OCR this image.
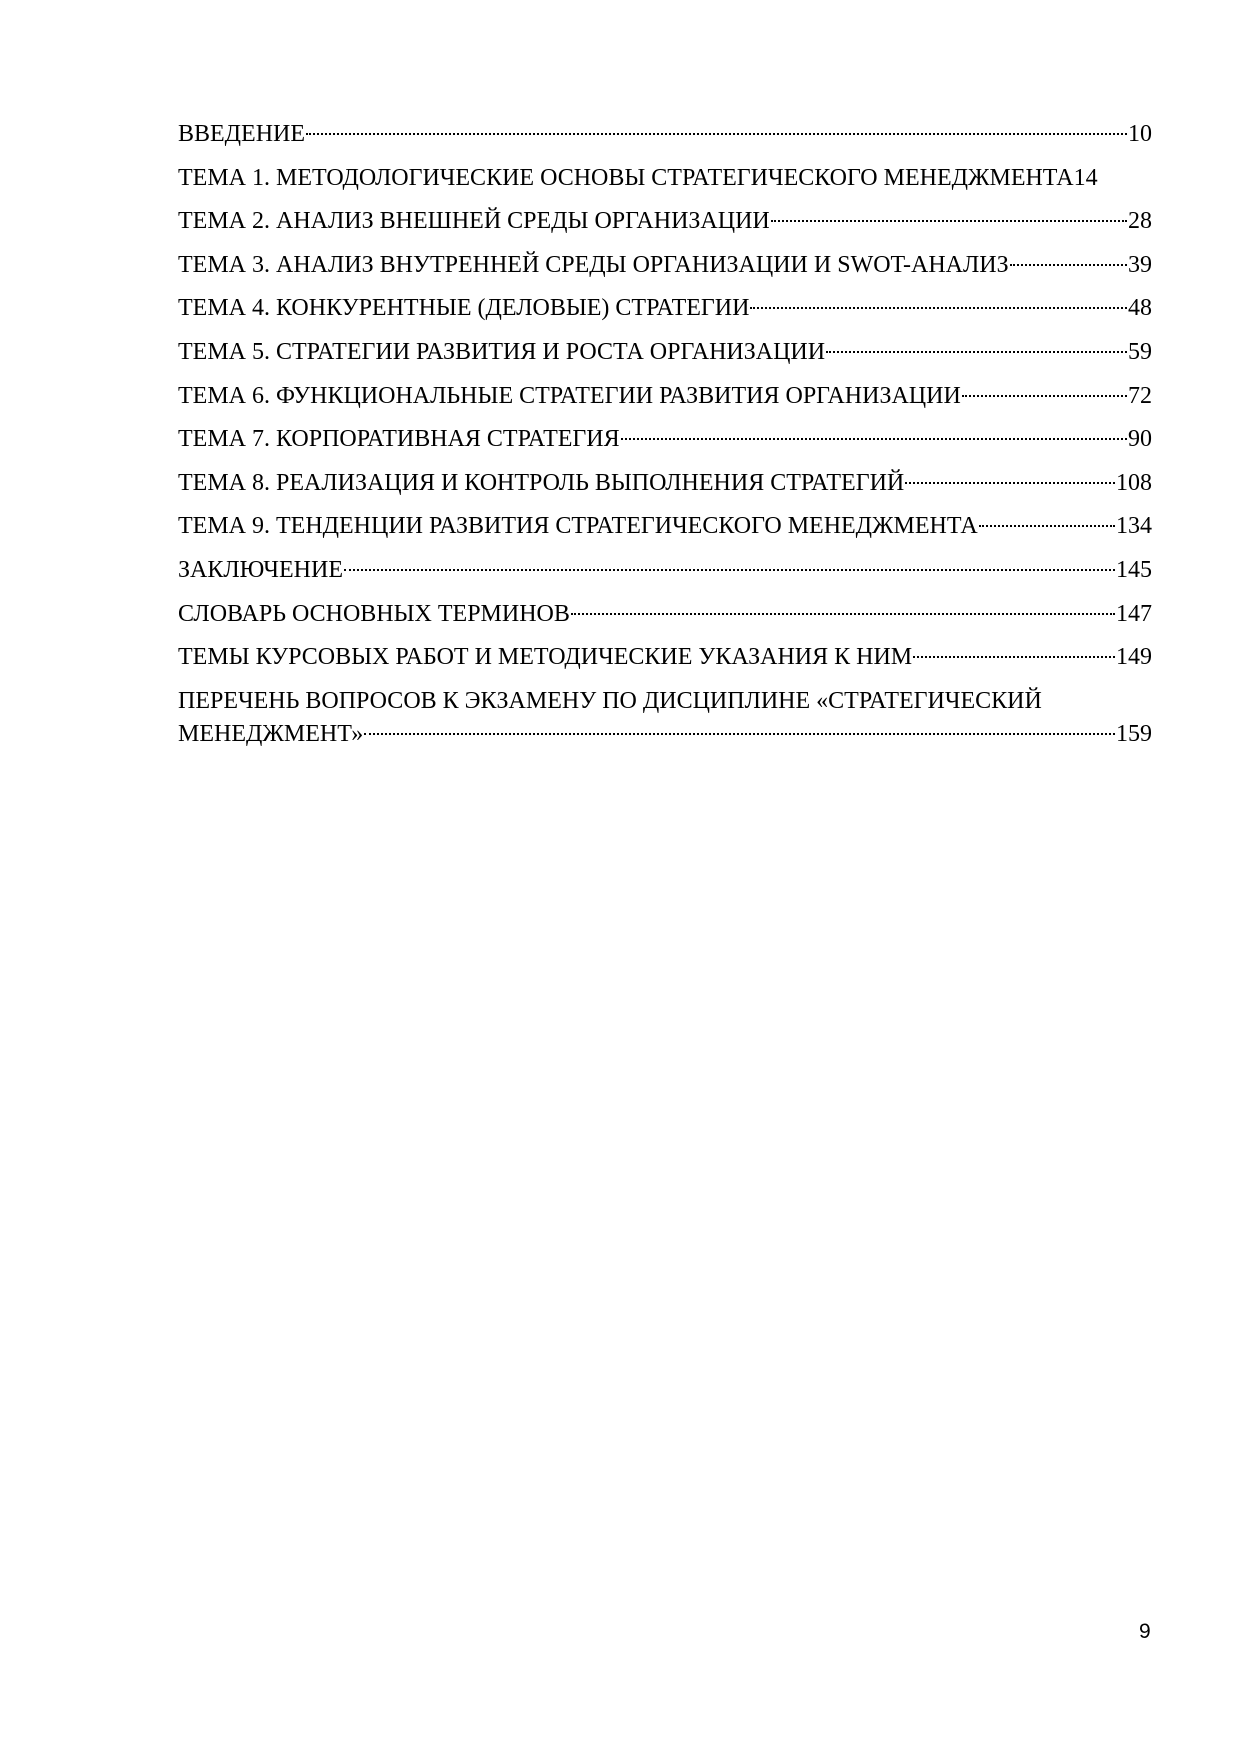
ВВЕДЕНИЕ	10
ТЕМА 1. МЕТОДОЛОГИЧЕСКИЕ ОСНОВЫ СТРАТЕГИЧЕСКОГО МЕНЕДЖМЕНТА 14
ТЕМА 2. АНАЛИЗ ВНЕШНЕЙ СРЕДЫ ОРГАНИЗАЦИИ	28
ТЕМА 3. АНАЛИЗ ВНУТРЕННЕЙ СРЕДЫ ОРГАНИЗАЦИИ И SWOT-АНАЛИЗ	39
ТЕМА 4. КОНКУРЕНТНЫЕ (ДЕЛОВЫЕ) СТРАТЕГИИ	48
ТЕМА 5. СТРАТЕГИИ РАЗВИТИЯ И РОСТА ОРГАНИЗАЦИИ	59
ТЕМА 6. ФУНКЦИОНАЛЬНЫЕ СТРАТЕГИИ РАЗВИТИЯ ОРГАНИЗАЦИИ	72
ТЕМА 7. КОРПОРАТИВНАЯ СТРАТЕГИЯ	90
ТЕМА 8. РЕАЛИЗАЦИЯ И КОНТРОЛЬ ВЫПОЛНЕНИЯ СТРАТЕГИЙ	108
ТЕМА 9. ТЕНДЕНЦИИ РАЗВИТИЯ СТРАТЕГИЧЕСКОГО МЕНЕДЖМЕНТА	134
ЗАКЛЮЧЕНИЕ	145
СЛОВАРЬ ОСНОВНЫХ ТЕРМИНОВ	147
ТЕМЫ КУРСОВЫХ РАБОТ И МЕТОДИЧЕСКИЕ УКАЗАНИЯ К НИМ	149
ПЕРЕЧЕНЬ ВОПРОСОВ К ЭКЗАМЕНУ ПО ДИСЦИПЛИНЕ «СТРАТЕГИЧЕСКИЙ
МЕНЕДЖМЕНТ»	159
9
